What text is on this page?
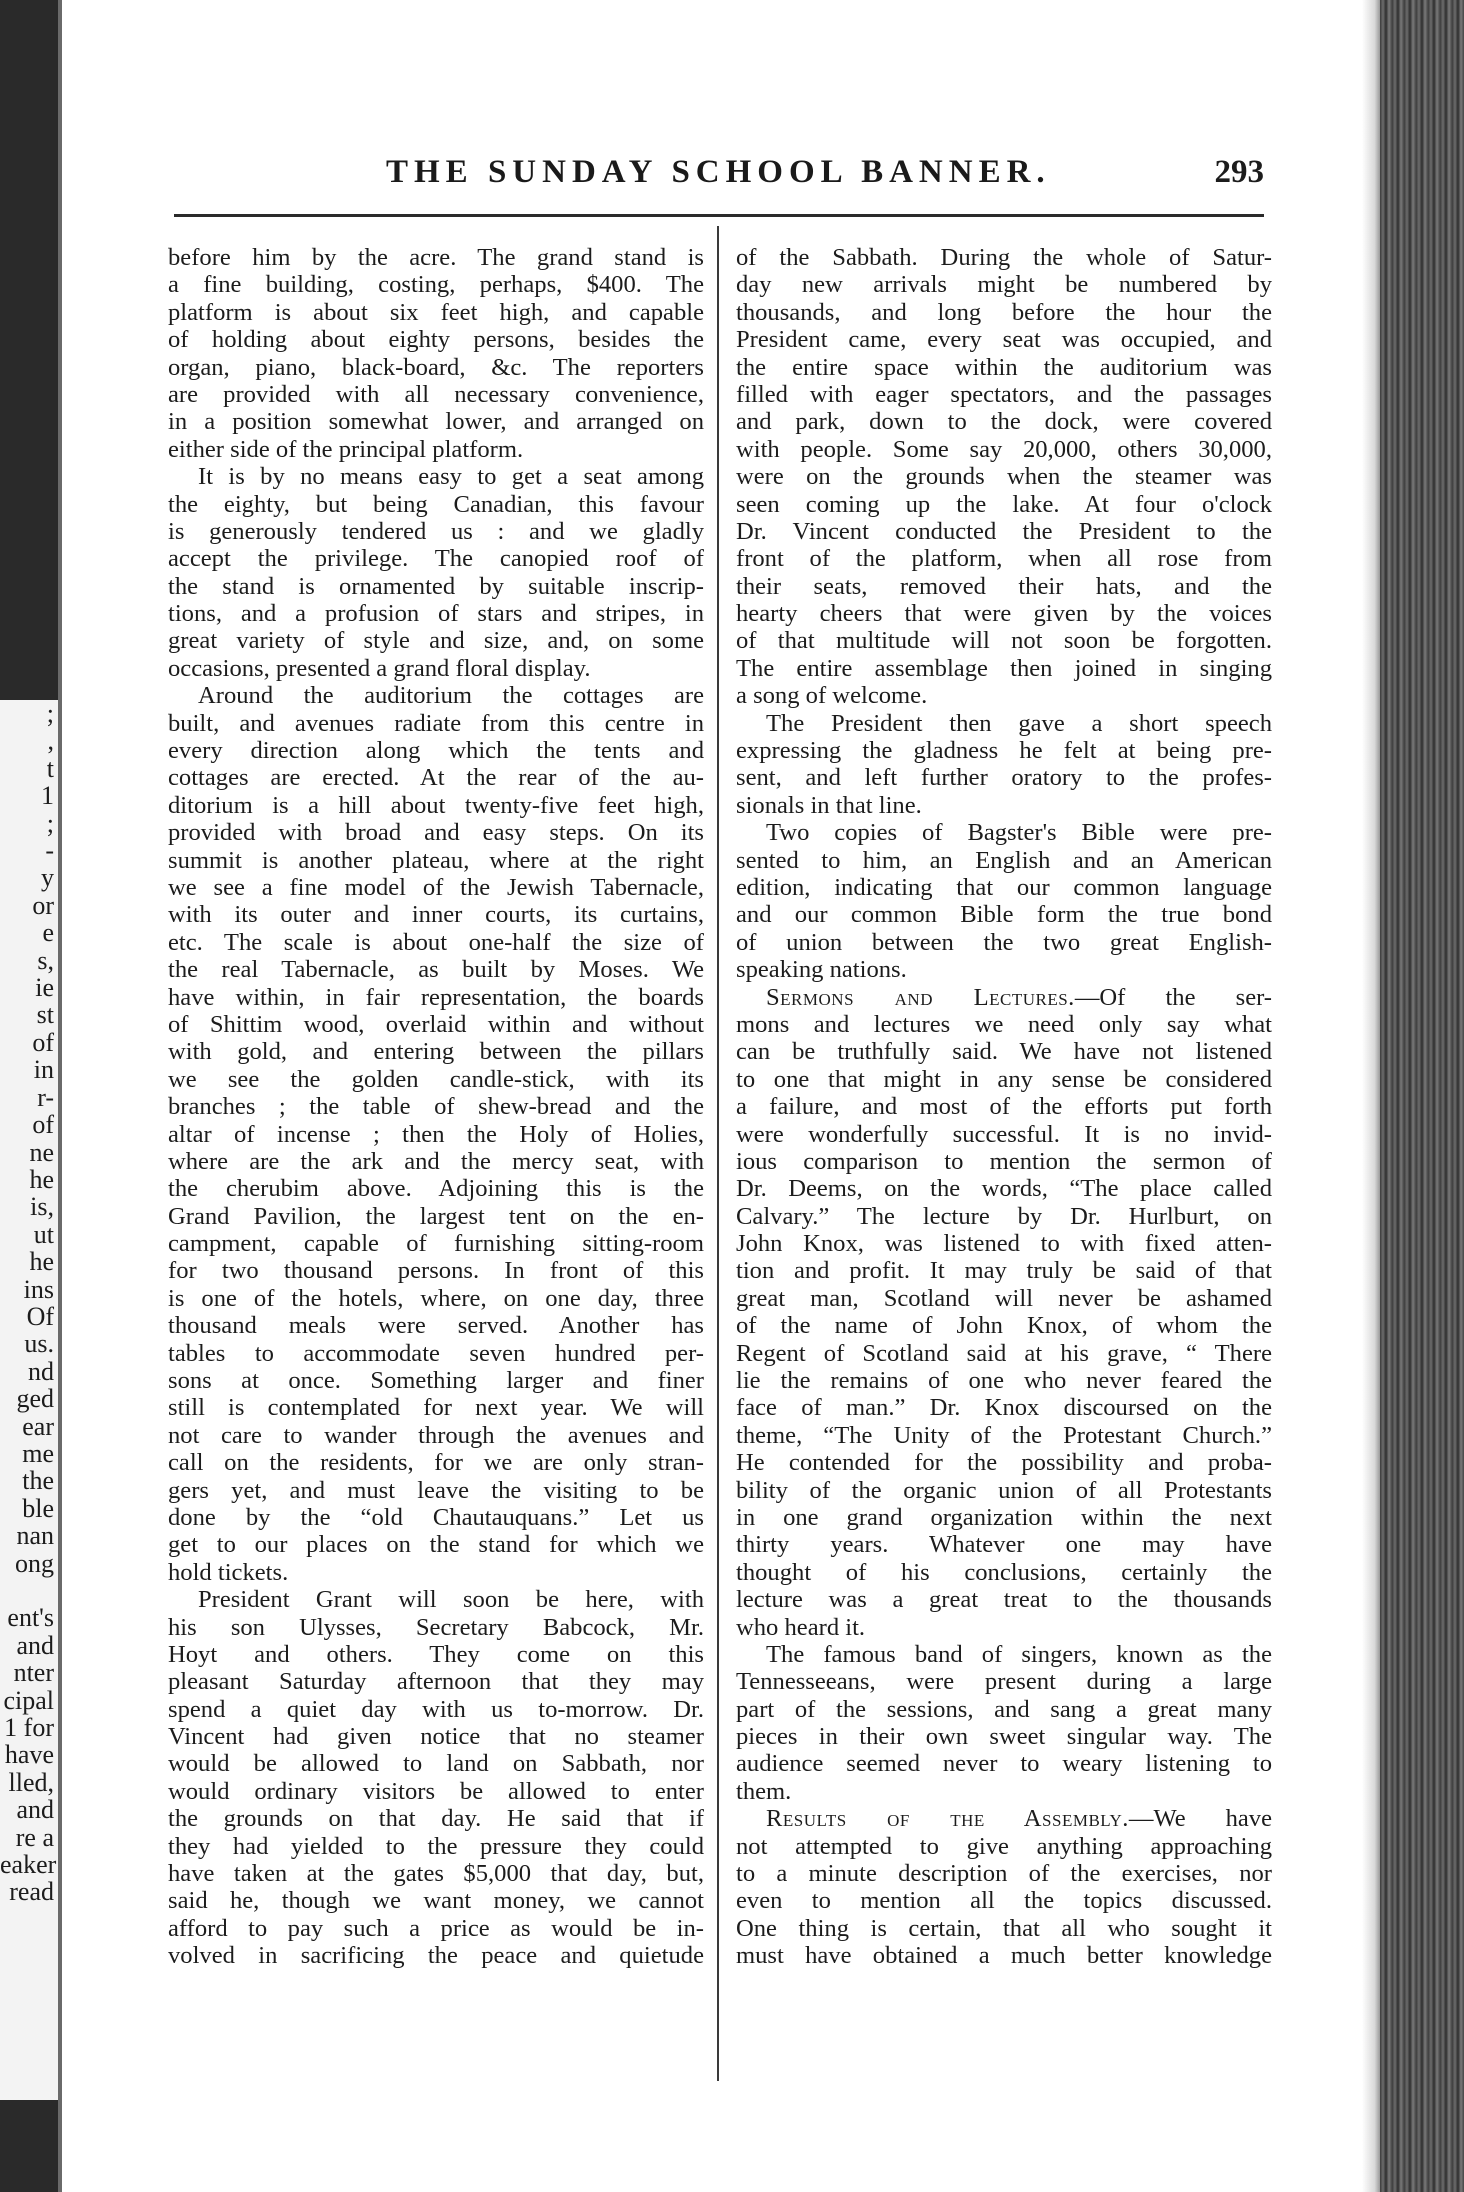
;
,
t
1
;
-
y
or
e
s,
ie
st
of
in
r-
of
ne
he
is,
ut
he
ins
Of
us.
nd
ged
ear
me
the
ble
nan
ong

ent's
and
nter
cipal
1 for
have
lled,
and
re a
eaker
read
THE SUNDAY SCHOOL BANNER.	293
before him by the acre. The grand stand is
a fine building, costing, perhaps, $400. The
platform is about six feet high, and capable
of holding about eighty persons, besides the
organ, piano, black-board, &c. The reporters
are provided with all necessary convenience,
in a position somewhat lower, and arranged on
either side of the principal platform.
It is by no means easy to get a seat among
the eighty, but being Canadian, this favour
is generously tendered us : and we gladly
accept the privilege. The canopied roof of
the stand is ornamented by suitable inscrip-
tions, and a profusion of stars and stripes, in
great variety of style and size, and, on some
occasions, presented a grand floral display.
Around the auditorium the cottages are
built, and avenues radiate from this centre in
every direction along which the tents and
cottages are erected. At the rear of the au-
ditorium is a hill about twenty-five feet high,
provided with broad and easy steps. On its
summit is another plateau, where at the right
we see a fine model of the Jewish Tabernacle,
with its outer and inner courts, its curtains,
etc. The scale is about one-half the size of
the real Tabernacle, as built by Moses. We
have within, in fair representation, the boards
of Shittim wood, overlaid within and without
with gold, and entering between the pillars
we see the golden candle-stick, with its
branches ; the table of shew-bread and the
altar of incense ; then the Holy of Holies,
where are the ark and the mercy seat, with
the cherubim above. Adjoining this is the
Grand Pavilion, the largest tent on the en-
campment, capable of furnishing sitting-room
for two thousand persons. In front of this
is one of the hotels, where, on one day, three
thousand meals were served. Another has
tables to accommodate seven hundred per-
sons at once. Something larger and finer
still is contemplated for next year. We will
not care to wander through the avenues and
call on the residents, for we are only stran-
gers yet, and must leave the visiting to be
done by the “old Chautauquans.” Let us
get to our places on the stand for which we
hold tickets.
President Grant will soon be here, with
his son Ulysses, Secretary Babcock, Mr.
Hoyt and others. They come on this
pleasant Saturday afternoon that they may
spend a quiet day with us to-morrow. Dr.
Vincent had given notice that no steamer
would be allowed to land on Sabbath, nor
would ordinary visitors be allowed to enter
the grounds on that day. He said that if
they had yielded to the pressure they could
have taken at the gates $5,000 that day, but,
said he, though we want money, we cannot
afford to pay such a price as would be in-
volved in sacrificing the peace and quietude
of the Sabbath. During the whole of Satur-
day new arrivals might be numbered by
thousands, and long before the hour the
President came, every seat was occupied, and
the entire space within the auditorium was
filled with eager spectators, and the passages
and park, down to the dock, were covered
with people. Some say 20,000, others 30,000,
were on the grounds when the steamer was
seen coming up the lake. At four o'clock
Dr. Vincent conducted the President to the
front of the platform, when all rose from
their seats, removed their hats, and the
hearty cheers that were given by the voices
of that multitude will not soon be forgotten.
The entire assemblage then joined in singing
a song of welcome.
The President then gave a short speech
expressing the gladness he felt at being pre-
sent, and left further oratory to the profes-
sionals in that line.
Two copies of Bagster's Bible were pre-
sented to him, an English and an American
edition, indicating that our common language
and our common Bible form the true bond
of union between the two great English-
speaking nations.
Sermons and Lectures.—Of the ser-
mons and lectures we need only say what
can be truthfully said. We have not listened
to one that might in any sense be considered
a failure, and most of the efforts put forth
were wonderfully successful. It is no invid-
ious comparison to mention the sermon of
Dr. Deems, on the words, “The place called
Calvary.” The lecture by Dr. Hurlburt, on
John Knox, was listened to with fixed atten-
tion and profit. It may truly be said of that
great man, Scotland will never be ashamed
of the name of John Knox, of whom the
Regent of Scotland said at his grave, “ There
lie the remains of one who never feared the
face of man.” Dr. Knox discoursed on the
theme, “The Unity of the Protestant Church.”
He contended for the possibility and proba-
bility of the organic union of all Protestants
in one grand organization within the next
thirty years. Whatever one may have
thought of his conclusions, certainly the
lecture was a great treat to the thousands
who heard it.
The famous band of singers, known as the
Tennesseeans, were present during a large
part of the sessions, and sang a great many
pieces in their own sweet singular way. The
audience seemed never to weary listening to
them.
Results of the Assembly.—We have
not attempted to give anything approaching
to a minute description of the exercises, nor
even to mention all the topics discussed.
One thing is certain, that all who sought it
must have obtained a much better knowledge
